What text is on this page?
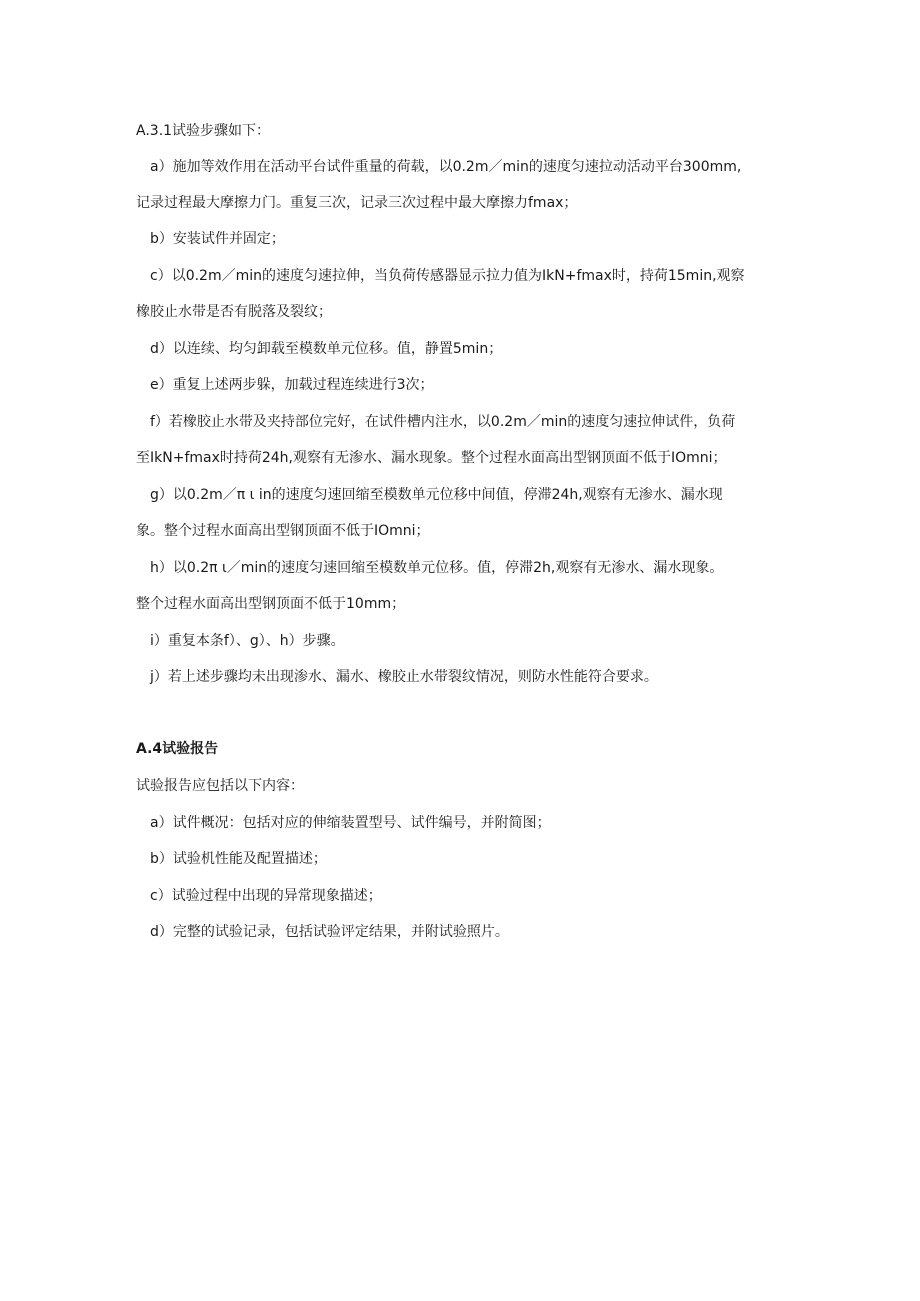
A.3.1试验步骤如下：
a）施加等效作用在活动平台试件重量的荷载，以0.2m／min的速度匀速拉动活动平台300mm,
记录过程最大摩擦力门。重复三次，记录三次过程中最大摩擦力fmax；
b）安装试件并固定；
c）以0.2m／min的速度匀速拉伸，当负荷传感器显示拉力值为IkN+fmax时，持荷15min,观察
橡胶止水带是否有脱落及裂纹；
d）以连续、均匀卸载至模数单元位移。值，静置5min；
e）重复上述两步躲，加载过程连续进行3次；
f）若橡胶止水带及夹持部位完好，在试件槽内注水，以0.2m／min的速度匀速拉伸试件，负荷
至IkN+fmax时持荷24h,观察有无渗水、漏水现象。整个过程水面高出型钢顶面不低于IOmni；
g）以0.2m／π ι in的速度匀速回缩至模数单元位移中间值，停滞24h,观察有无渗水、漏水现
象。整个过程水面高出型钢顶面不低于IOmni；
h）以0.2π ι／min的速度匀速回缩至模数单元位移。值，停滞2h,观察有无渗水、漏水现象。
整个过程水面高出型钢顶面不低于10mm；
i）重复本条f）、g）、h）步骤。
j）若上述步骤均未出现渗水、漏水、橡胶止水带裂纹情况，则防水性能符合要求。
A.4试验报告
试验报告应包括以下内容：
a）试件概况：包括对应的伸缩装置型号、试件编号，并附简图；
b）试验机性能及配置描述；
c）试验过程中出现的异常现象描述；
d）完整的试验记录，包括试验评定结果，并附试验照片。
